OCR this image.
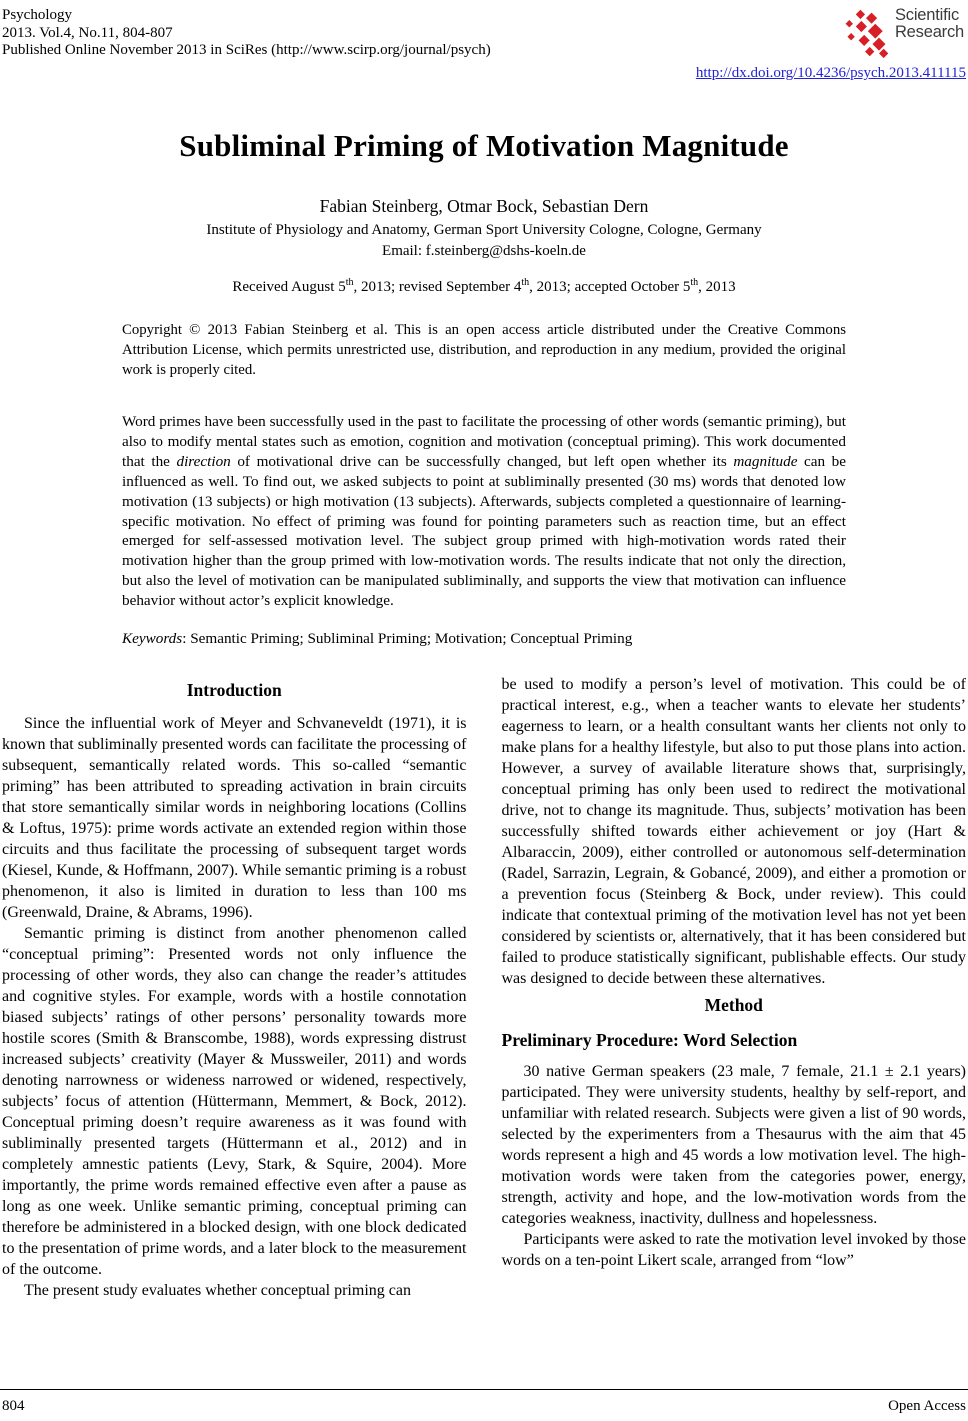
Psychology
2013. Vol.4, No.11, 804-807
Published Online November 2013 in SciRes (http://www.scirp.org/journal/psych)
Scientific
Research
http://dx.doi.org/10.4236/psych.2013.411115
Subliminal Priming of Motivation Magnitude
Fabian Steinberg, Otmar Bock, Sebastian Dern
Institute of Physiology and Anatomy, German Sport University Cologne, Cologne, Germany
Email: f.steinberg@dshs-koeln.de
Received August 5th, 2013; revised September 4th, 2013; accepted October 5th, 2013
Copyright © 2013 Fabian Steinberg et al. This is an open access article distributed under the Creative Commons Attribution License, which permits unrestricted use, distribution, and reproduction in any medium, provided the original work is properly cited.
Word primes have been successfully used in the past to facilitate the processing of other words (semantic priming), but also to modify mental states such as emotion, cognition and motivation (conceptual priming). This work documented that the direction of motivational drive can be successfully changed, but left open whether its magnitude can be influenced as well. To find out, we asked subjects to point at subliminally presented (30 ms) words that denoted low motivation (13 subjects) or high motivation (13 subjects). Afterwards, subjects completed a questionnaire of learning-specific motivation. No effect of priming was found for pointing parameters such as reaction time, but an effect emerged for self-assessed motivation level. The subject group primed with high-motivation words rated their motivation higher than the group primed with low-motivation words. The results indicate that not only the direction, but also the level of motivation can be manipulated subliminally, and supports the view that motivation can influence behavior without actor’s explicit knowledge.
Keywords: Semantic Priming; Subliminal Priming; Motivation; Conceptual Priming
Introduction

Since the influential work of Meyer and Schvaneveldt (1971), it is known that subliminally presented words can facilitate the processing of subsequent, semantically related words. This so-called “semantic priming” has been attributed to spreading activation in brain circuits that store semantically similar words in neighboring locations (Collins & Loftus, 1975): prime words activate an extended region within those circuits and thus facilitate the processing of subsequent target words (Kiesel, Kunde, & Hoffmann, 2007). While semantic priming is a robust phenomenon, it also is limited in duration to less than 100 ms (Greenwald, Draine, & Abrams, 1996).

Semantic priming is distinct from another phenomenon called “conceptual priming”: Presented words not only influence the processing of other words, they also can change the reader’s attitudes and cognitive styles. For example, words with a hostile connotation biased subjects’ ratings of other persons’ personality towards more hostile scores (Smith & Branscombe, 1988), words expressing distrust increased subjects’ creativity (Mayer & Mussweiler, 2011) and words denoting narrowness or wideness narrowed or widened, respectively, subjects’ focus of attention (Hüttermann, Memmert, & Bock, 2012). Conceptual priming doesn’t require awareness as it was found with subliminally presented targets (Hüttermann et al., 2012) and in completely amnestic patients (Levy, Stark, & Squire, 2004). More importantly, the prime words remained effective even after a pause as long as one week. Unlike semantic priming, conceptual priming can therefore be administered in a blocked design, with one block dedicated to the presentation of prime words, and a later block to the measurement of the outcome.

The present study evaluates whether conceptual priming can

be used to modify a person’s level of motivation. This could be of practical interest, e.g., when a teacher wants to elevate her students’ eagerness to learn, or a health consultant wants her clients not only to make plans for a healthy lifestyle, but also to put those plans into action. However, a survey of available literature shows that, surprisingly, conceptual priming has only been used to redirect the motivational drive, not to change its magnitude. Thus, subjects’ motivation has been successfully shifted towards either achievement or joy (Hart & Albaraccin, 2009), either controlled or autonomous self-determination (Radel, Sarrazin, Legrain, & Gobancé, 2009), and either a promotion or a prevention focus (Steinberg & Bock, under review). This could indicate that contextual priming of the motivation level has not yet been considered by scientists or, alternatively, that it has been considered but failed to produce statistically significant, publishable effects. Our study was designed to decide between these alternatives.

Method
Preliminary Procedure: Word Selection

30 native German speakers (23 male, 7 female, 21.1 ± 2.1 years) participated. They were university students, healthy by self-report, and unfamiliar with related research. Subjects were given a list of 90 words, selected by the experimenters from a Thesaurus with the aim that 45 words represent a high and 45 words a low motivation level. The high-motivation words were taken from the categories power, energy, strength, activity and hope, and the low-motivation words from the categories weakness, inactivity, dullness and hopelessness.

Participants were asked to rate the motivation level invoked by those words on a ten-point Likert scale, arranged from “low”

804	Open Access
